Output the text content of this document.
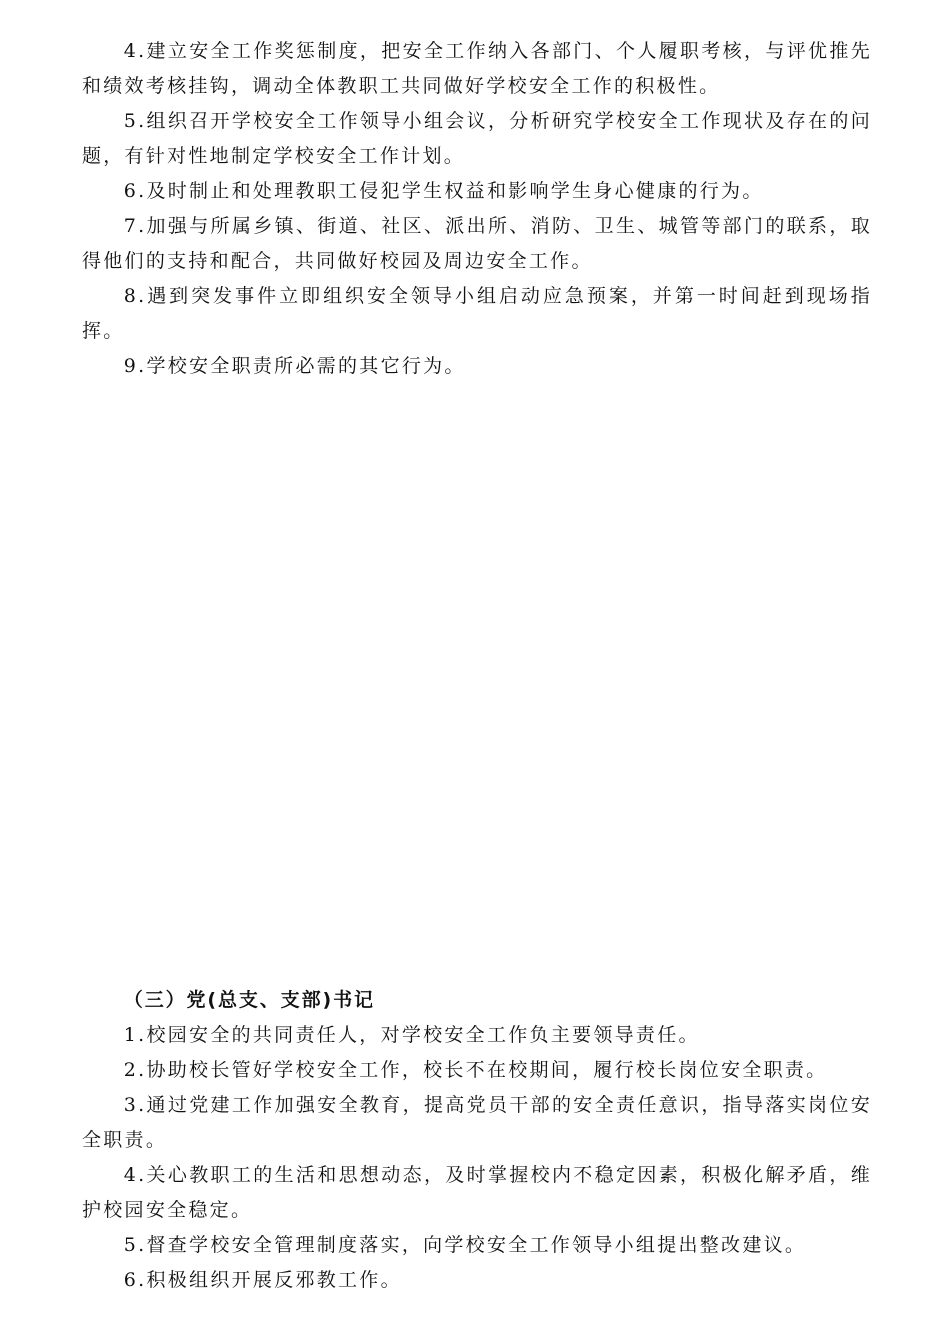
4.建立安全工作奖惩制度，把安全工作纳入各部门、个人履职考核，与评优推先和绩效考核挂钩，调动全体教职工共同做好学校安全工作的积极性。

5.组织召开学校安全工作领导小组会议，分析研究学校安全工作现状及存在的问题，有针对性地制定学校安全工作计划。

6.及时制止和处理教职工侵犯学生权益和影响学生身心健康的行为。

7.加强与所属乡镇、街道、社区、派出所、消防、卫生、城管等部门的联系，取得他们的支持和配合，共同做好校园及周边安全工作。

8.遇到突发事件立即组织安全领导小组启动应急预案，并第一时间赶到现场指挥。

9.学校安全职责所必需的其它行为。

（三）党(总支、支部)书记

1.校园安全的共同责任人，对学校安全工作负主要领导责任。

2.协助校长管好学校安全工作，校长不在校期间，履行校长岗位安全职责。

3.通过党建工作加强安全教育，提高党员干部的安全责任意识，指导落实岗位安全职责。

4.关心教职工的生活和思想动态，及时掌握校内不稳定因素，积极化解矛盾，维护校园安全稳定。

5.督查学校安全管理制度落实，向学校安全工作领导小组提出整改建议。

6.积极组织开展反邪教工作。
